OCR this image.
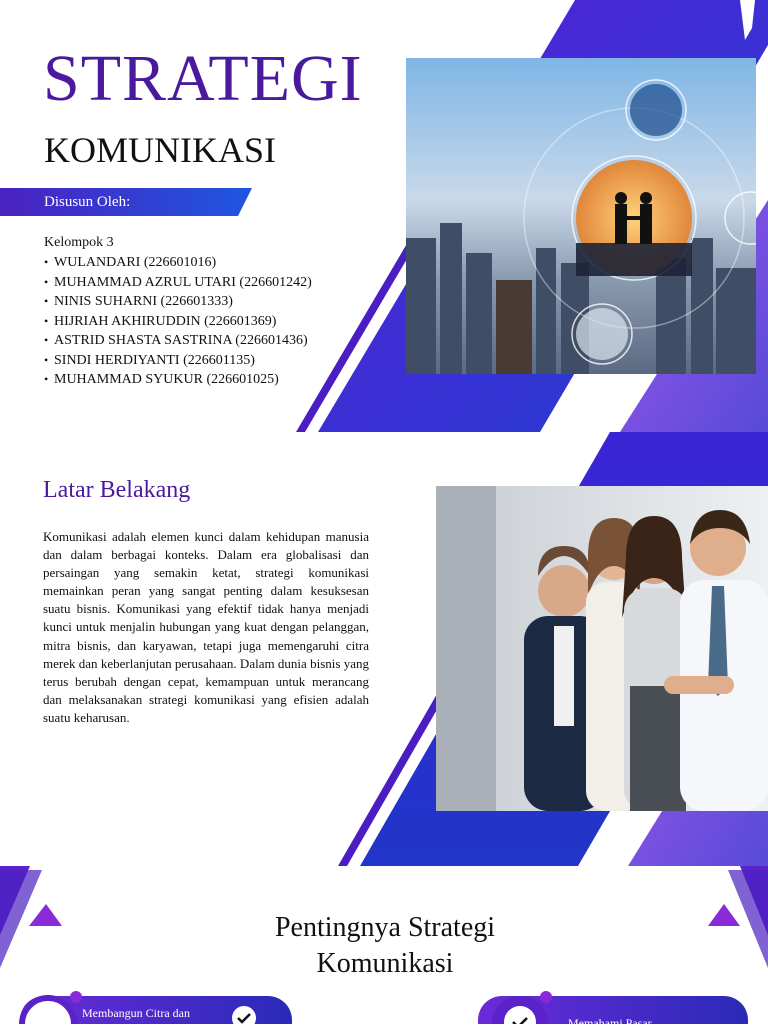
STRATEGI
KOMUNIKASI
Disusun Oleh:
Kelompok 3
• WULANDARI (226601016)
• MUHAMMAD AZRUL UTARI (226601242)
• NINIS SUHARNI (226601333)
• HIJRIAH AKHIRUDDIN (226601369)
• ASTRID SHASTA SASTRINA (226601436)
• SINDI HERDIYANTI (226601135)
• MUHAMMAD SYUKUR (226601025)
Latar Belakang
Komunikasi adalah elemen kunci dalam kehidupan manusia dan dalam berbagai konteks. Dalam era globalisasi dan persaingan yang semakin ketat, strategi komunikasi memainkan peran yang sangat penting dalam kesuksesan suatu bisnis. Komunikasi yang efektif tidak hanya menjadi kunci untuk menjalin hubungan yang kuat dengan pelanggan, mitra bisnis, dan karyawan, tetapi juga memengaruhi citra merek dan keberlanjutan perusahaan. Dalam dunia bisnis yang terus berubah dengan cepat, kemampuan untuk merancang dan melaksanakan strategi komunikasi yang efisien adalah suatu keharusan.
Pentingnya Strategi
Komunikasi
Membangun Citra dan
Memahami Pasar
